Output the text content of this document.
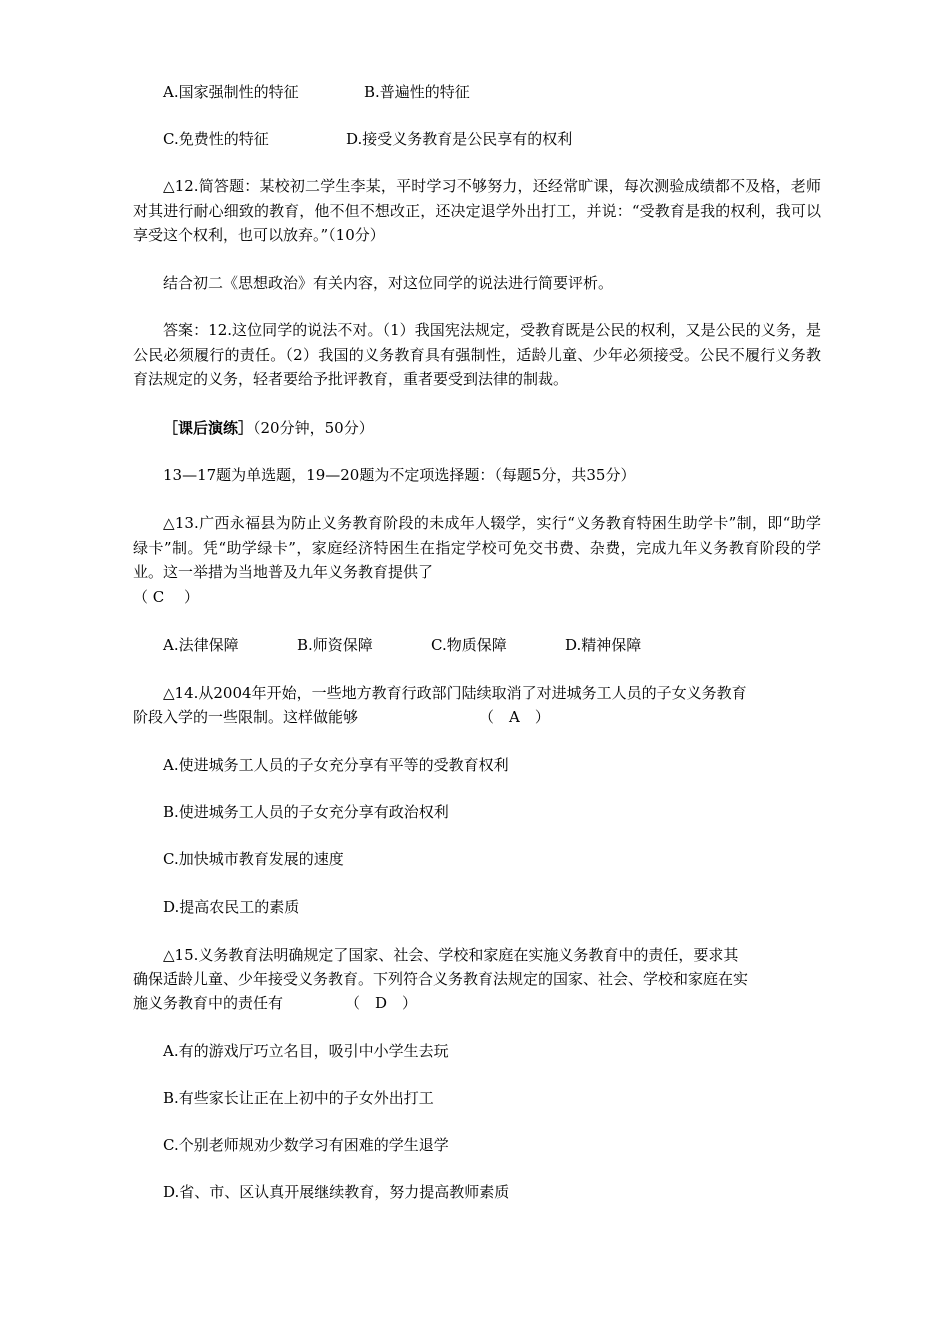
A.国家强制性的特征	B.普遍性的特征
C.免费性的特征	D.接受义务教育是公民享有的权利
△12.简答题：某校初二学生李某，平时学习不够努力，还经常旷课，每次测验成绩都不及格，老师对其进行耐心细致的教育，他不但不想改正，还决定退学外出打工，并说：“受教育是我的权利，我可以享受这个权利，也可以放弃。”（10分）
结合初二《思想政治》有关内容，对这位同学的说法进行简要评析。
答案：12.这位同学的说法不对。（1）我国宪法规定，受教育既是公民的权利，又是公民的义务，是公民必须履行的责任。（2）我国的义务教育具有强制性，适龄儿童、少年必须接受。公民不履行义务教育法规定的义务，轻者要给予批评教育，重者要受到法律的制裁。
［课后演练］（20分钟，50分）
13—17题为单选题，19—20题为不定项选择题：（每题5分，共35分）
△13.广西永福县为防止义务教育阶段的未成年人辍学，实行“义务教育特困生助学卡”制，即“助学绿卡”制。凭“助学绿卡”，家庭经济特困生在指定学校可免交书费、杂费，完成九年义务教育阶段的学业。这一举措为当地普及九年义务教育提供了
（ C　 ）
A.法律保障	B.师资保障	C.物质保障	D.精神保障
△14.从2004年开始，一些地方教育行政部门陆续取消了对进城务工人员的子女义务教育
阶段入学的一些限制。这样做能够	（　A　）
A.使进城务工人员的子女充分享有平等的受教育权利
B.使进城务工人员的子女充分享有政治权利
C.加快城市教育发展的速度
D.提高农民工的素质
△15.义务教育法明确规定了国家、社会、学校和家庭在实施义务教育中的责任，要求其
确保适龄儿童、少年接受义务教育。下列符合义务教育法规定的国家、社会、学校和家庭在实
施义务教育中的责任有	（　D　）
A.有的游戏厅巧立名目，吸引中小学生去玩
B.有些家长让正在上初中的子女外出打工
C.个别老师规劝少数学习有困难的学生退学
D.省、市、区认真开展继续教育，努力提高教师素质
